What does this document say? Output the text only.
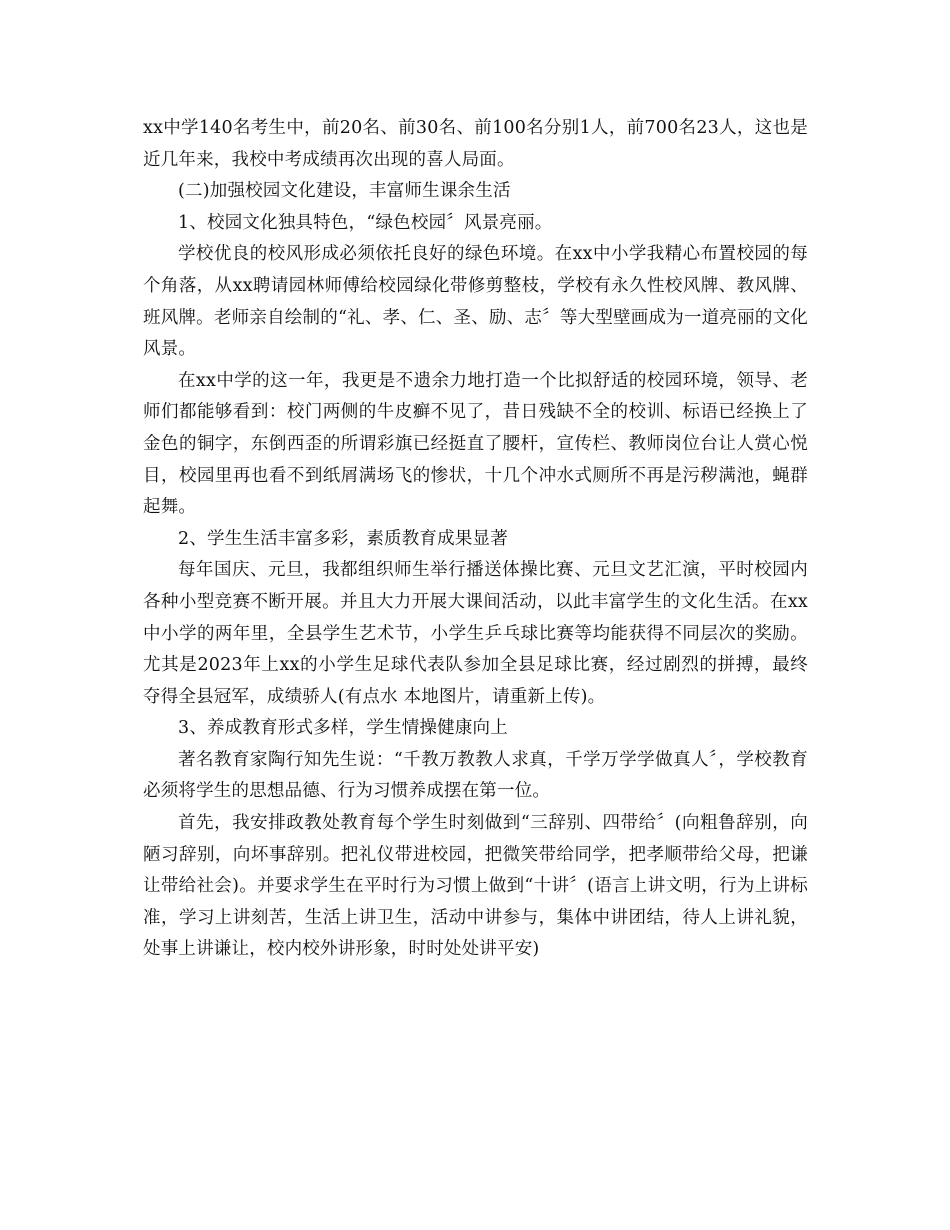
xx中学140名考生中，前20名、前30名、前100名分别1人，前700名23人，这也是近几年来，我校中考成绩再次出现的喜人局面。

(二)加强校园文化建设，丰富师生课余生活

1、校园文化独具特色，“绿色校园〞风景亮丽。

学校优良的校风形成必须依托良好的绿色环境。在xx中小学我精心布置校园的每个角落，从xx聘请园林师傅给校园绿化带修剪整枝，学校有永久性校风牌、教风牌、班风牌。老师亲自绘制的“礼、孝、仁、圣、励、志〞等大型壁画成为一道亮丽的文化风景。

在xx中学的这一年，我更是不遗余力地打造一个比拟舒适的校园环境，领导、老师们都能够看到：校门两侧的牛皮癣不见了，昔日残缺不全的校训、标语已经换上了金色的铜字，东倒西歪的所谓彩旗已经挺直了腰杆，宣传栏、教师岗位台让人赏心悦目，校园里再也看不到纸屑满场飞的惨状，十几个冲水式厕所不再是污秽满池，蝇群起舞。

2、学生生活丰富多彩，素质教育成果显著

每年国庆、元旦，我都组织师生举行播送体操比赛、元旦文艺汇演，平时校园内各种小型竞赛不断开展。并且大力开展大课间活动，以此丰富学生的文化生活。在xx中小学的两年里，全县学生艺术节，小学生乒乓球比赛等均能获得不同层次的奖励。尤其是2023年上xx的小学生足球代表队参加全县足球比赛，经过剧烈的拼搏，最终夺得全县冠军，成绩骄人(有点水 本地图片，请重新上传)。

3、养成教育形式多样，学生情操健康向上

著名教育家陶行知先生说：“千教万教教人求真，千学万学学做真人〞，学校教育必须将学生的思想品德、行为习惯养成摆在第一位。

首先，我安排政教处教育每个学生时刻做到“三辞别、四带给〞(向粗鲁辞别，向陋习辞别，向坏事辞别。把礼仪带进校园，把微笑带给同学，把孝顺带给父母，把谦让带给社会)。并要求学生在平时行为习惯上做到“十讲〞(语言上讲文明，行为上讲标准，学习上讲刻苦，生活上讲卫生，活动中讲参与，集体中讲团结，待人上讲礼貌，处事上讲谦让，校内校外讲形象，时时处处讲平安)
